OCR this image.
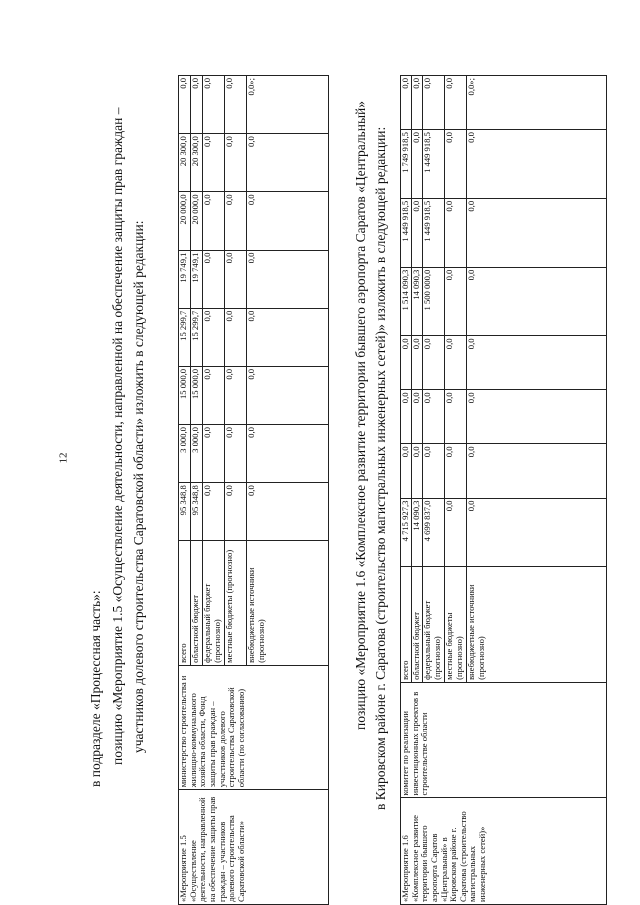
12
в подразделе «Процессная часть»: позицию «Мероприятие 1.5 «Осуществление деятельности, направленной на обеспечение защиты прав граждан – участников долевого строительства Саратовской области» изложить в следующей редакции:
«Мероприятие 1.5 «Осуществление деятельности, направленной на обеспечение защиты прав граждан – участников долевого строительства Саратовской области»	министерство строительства и жилищно-коммунального хозяйства области, Фонд защиты прав граждан – участников долевого строительства Саратовской области (по согласованию)	всего	95 348,8	3 000,0	15 000,0	15 299,7	19 749,1	20 000,0	20 300,0	0,0
		областной бюджет	95 348,8	3 000,0	15 000,0	15 299,7	19 749,1	20 000,0	20 300,0	0,0
		федеральный бюджет (прогнозно)	0,0	0,0	0,0	0,0	0,0	0,0	0,0	0,0
		местные бюджеты (прогнозно)	0,0	0,0	0,0	0,0	0,0	0,0	0,0	0,0
		внебюджетные источники (прогнозно)	0,0	0,0	0,0	0,0	0,0	0,0	0,0	0,0»;
позицию «Мероприятие 1.6 «Комплексное развитие территории бывшего аэропорта Саратов «Центральный» в Кировском районе г. Саратова (строительство магистральных инженерных сетей)» изложить в следующей редакции:
«Мероприятие 1.6 «Комплексное развитие территории бывшего аэропорта Саратов «Центральный» в Кировском районе г. Саратова (строительство магистральных инженерных сетей)»	комитет по реализации инвестиционных проектов в строительстве области	всего	4 715 927,3	0,0	0,0	0,0	1 514 090,3	1 449 918,5	1 749 918,5	0,0
		областной бюджет	14 090,3	0,0	0,0	0,0	14 090,3	0,0	0,0	0,0
		федеральный бюджет (прогнозно)	4 699 837,0	0,0	0,0	0,0	1 500 000,0	1 449 918,5	1 449 918,5	0,0
		местные бюджеты (прогнозно)	0,0	0,0	0,0	0,0	0,0	0,0	0,0	0,0
		внебюджетные источники (прогнозно)	0,0	0,0	0,0	0,0	0,0	0,0	0,0	0,0»;
